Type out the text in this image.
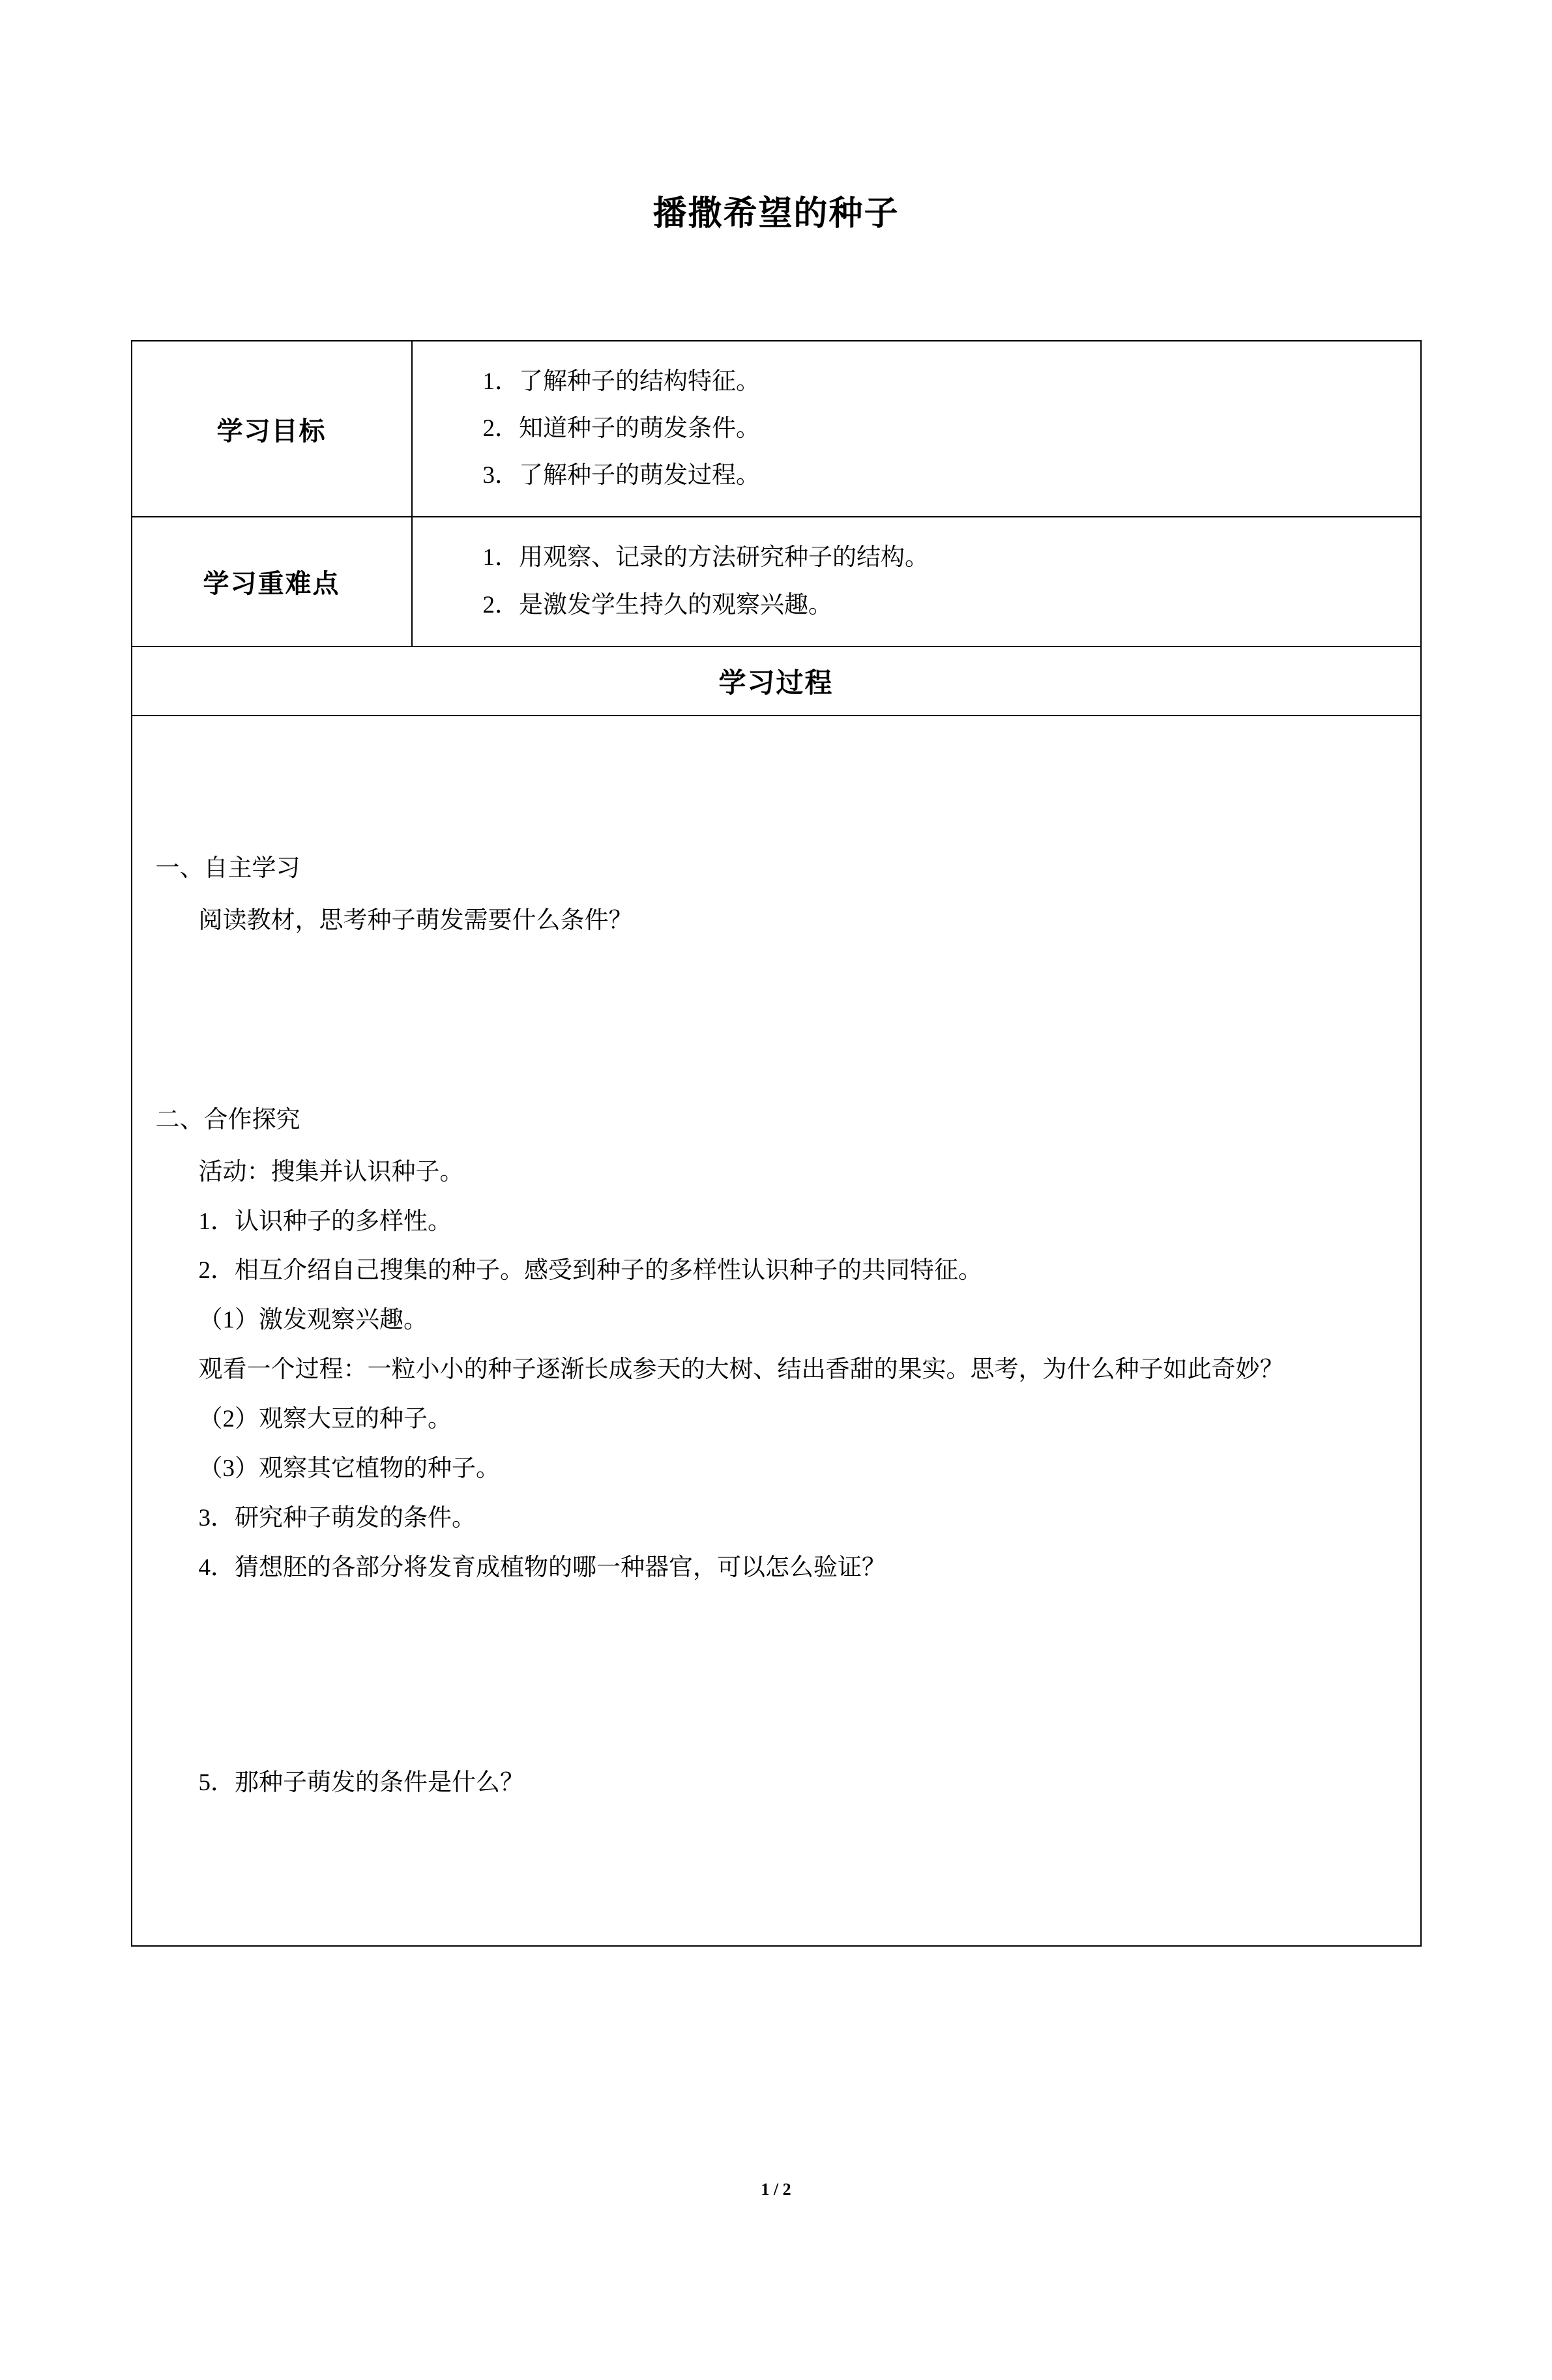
播撒希望的种子
学习目标	1．了解种子的结构特征。
2．知道种子的萌发条件。
3．了解种子的萌发过程。

学习重难点	1．用观察、记录的方法研究种子的结构。
2．是激发学生持久的观察兴趣。

学习过程	

一、自主学习
阅读教材，思考种子萌发需要什么条件？
二、合作探究
活动：搜集并认识种子。
1．认识种子的多样性。
2．相互介绍自己搜集的种子。感受到种子的多样性认识种子的共同特征。
（1）激发观察兴趣。
观看一个过程：一粒小小的种子逐渐长成参天的大树、结出香甜的果实。思考，为什么种子如此奇妙？
（2）观察大豆的种子。
（3）观察其它植物的种子。
3．研究种子萌发的条件。
4．猜想胚的各部分将发育成植物的哪一种器官，可以怎么验证？
5．那种子萌发的条件是什么？
1 / 2
